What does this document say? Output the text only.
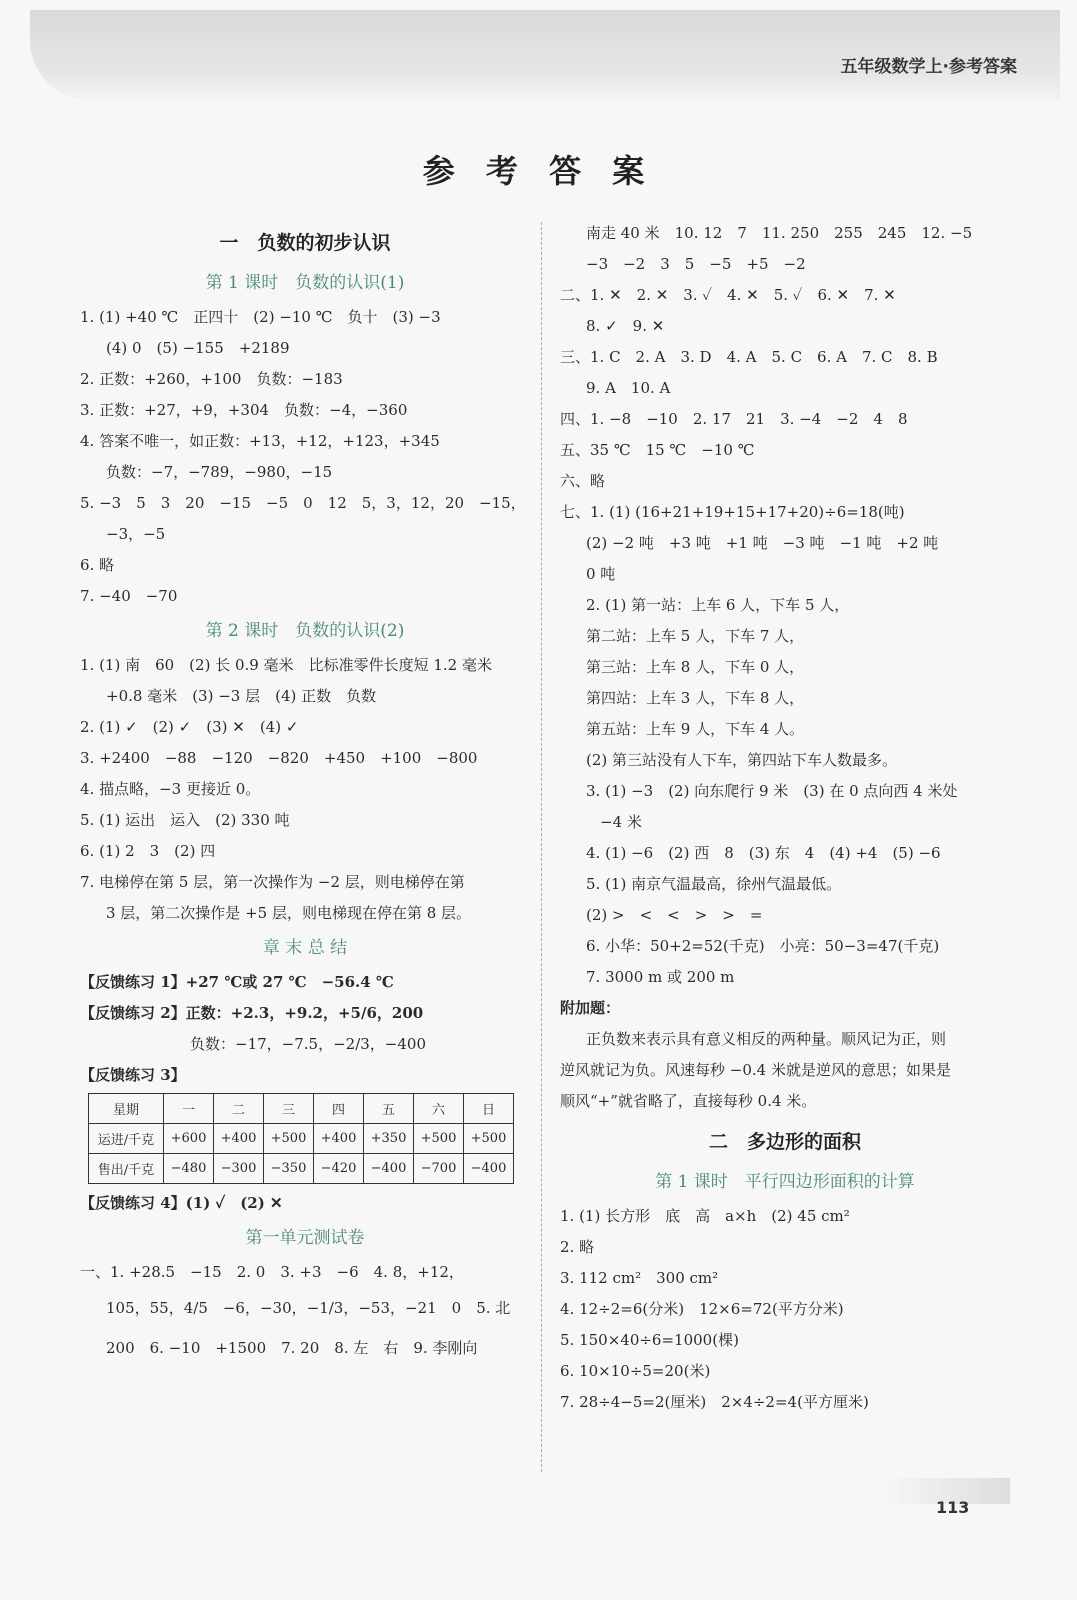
五年级数学上·参考答案
参 考 答 案
一　负数的初步认识
第 1 课时　负数的认识(1)
1. (1) +40 ℃　正四十　(2) −10 ℃　负十　(3) −3
(4) 0　(5) −155　+2189
2. 正数：+260，+100　负数：−183
3. 正数：+27，+9，+304　负数：−4，−360
4. 答案不唯一，如正数：+13，+12，+123，+345
负数：−7，−789，−980，−15
5. −3　5　3　20　−15　−5　0　12　5，3，12，20　−15，
−3，−5
6. 略
7. −40　−70
第 2 课时　负数的认识(2)
1. (1) 南　60　(2) 长 0.9 毫米　比标准零件长度短 1.2 毫米
+0.8 毫米　(3) −3 层　(4) 正数　负数
2. (1) ✓　(2) ✓　(3) ✕　(4) ✓
3. +2400　−88　−120　−820　+450　+100　−800
4. 描点略，−3 更接近 0。
5. (1) 运出　运入　(2) 330 吨
6. (1) 2　3　(2) 四
7. 电梯停在第 5 层，第一次操作为 −2 层，则电梯停在第
3 层，第二次操作是 +5 层，则电梯现在停在第 8 层。
章 末 总 结
【反馈练习 1】+27 ℃或 27 ℃　−56.4 ℃
【反馈练习 2】正数：+2.3，+9.2，+5/6，200
负数：−17，−7.5，−2/3，−400
【反馈练习 3】
星期	一	二	三	四	五	六	日
运进/千克	+600	+400	+500	+400	+350	+500	+500
售出/千克	−480	−300	−350	−420	−400	−700	−400
【反馈练习 4】(1) ✓　(2) ✕
第一单元测试卷
一、1. +28.5　−15　2. 0　3. +3　−6　4. 8，+12，
105，55，4/5　−6，−30，−1/3，−53，−21　0　5. 北
200　6. −10　+1500　7. 20　8. 左　右　9. 李刚向
南走 40 米　10. 12　7　11. 250　255　245　12. −5
−3　−2　3　5　−5　+5　−2
二、1. ✕　2. ✕　3. ✓　4. ✕　5. ✓　6. ✕　7. ✕
8. ✓　9. ✕
三、1. C　2. A　3. D　4. A　5. C　6. A　7. C　8. B
9. A　10. A
四、1. −8　−10　2. 17　21　3. −4　−2　4　8
五、35 ℃　15 ℃　−10 ℃
六、略
七、1. (1) (16+21+19+15+17+20)÷6=18(吨)
(2) −2 吨　+3 吨　+1 吨　−3 吨　−1 吨　+2 吨
0 吨
2. (1) 第一站：上车 6 人，下车 5 人，
第二站：上车 5 人，下车 7 人，
第三站：上车 8 人，下车 0 人，
第四站：上车 3 人，下车 8 人，
第五站：上车 9 人，下车 4 人。
(2) 第三站没有人下车，第四站下车人数最多。
3. (1) −3　(2) 向东爬行 9 米　(3) 在 0 点向西 4 米处
−4 米
4. (1) −6　(2) 西　8　(3) 东　4　(4) +4　(5) −6
5. (1) 南京气温最高，徐州气温最低。
(2) >　<　<　>　>　=
6. 小华：50+2=52(千克)　小亮：50−3=47(千克)
7. 3000 m 或 200 m
附加题：
正负数来表示具有意义相反的两种量。顺风记为正，则
逆风就记为负。风速每秒 −0.4 米就是逆风的意思；如果是
顺风“+”就省略了，直接每秒 0.4 米。
二　多边形的面积
第 1 课时　平行四边形面积的计算
1. (1) 长方形　底　高　a×h　(2) 45 cm²
2. 略
3. 112 cm²　300 cm²
4. 12÷2=6(分米)　12×6=72(平方分米)
5. 150×40÷6=1000(棵)
6. 10×10÷5=20(米)
7. 28÷4−5=2(厘米)　2×4÷2=4(平方厘米)
113
